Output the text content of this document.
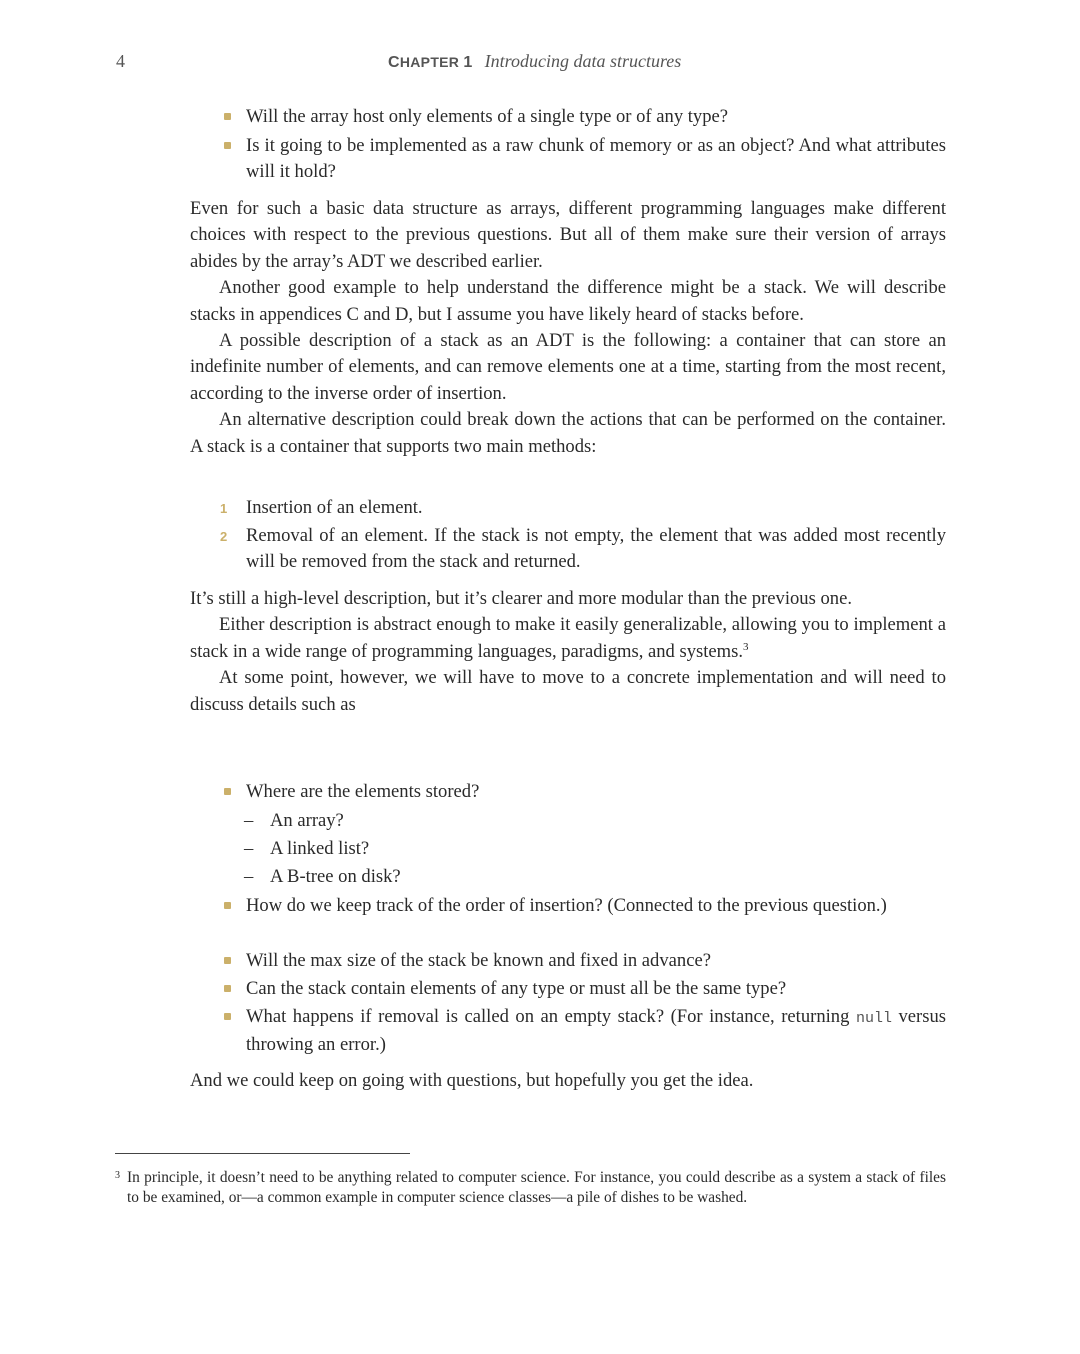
4	CHAPTER 1 Introducing data structures
Will the array host only elements of a single type or of any type?
Is it going to be implemented as a raw chunk of memory or as an object? And what attributes will it hold?

Even for such a basic data structure as arrays, different programming languages make different choices with respect to the previous questions. But all of them make sure their version of arrays abides by the array’s ADT we described earlier.

Another good example to help understand the difference might be a stack. We will describe stacks in appendices C and D, but I assume you have likely heard of stacks before.

A possible description of a stack as an ADT is the following: a container that can store an indefinite number of elements, and can remove elements one at a time, starting from the most recent, according to the inverse order of insertion.

An alternative description could break down the actions that can be performed on the container. A stack is a container that supports two main methods:

1 Insertion of an element.
2 Removal of an element. If the stack is not empty, the element that was added most recently will be removed from the stack and returned.

It’s still a high-level description, but it’s clearer and more modular than the previous one.

Either description is abstract enough to make it easily generalizable, allowing you to implement a stack in a wide range of programming languages, paradigms, and systems.$^3$

At some point, however, we will have to move to a concrete implementation and will need to discuss details such as

Where are the elements stored?
– An array?
– A linked list?
– A B-tree on disk?
How do we keep track of the order of insertion? (Connected to the previous question.)
Will the max size of the stack be known and fixed in advance?
Can the stack contain elements of any type or must all be the same type?
What happens if removal is called on an empty stack? (For instance, returning null versus throwing an error.)
And we could keep on going with questions, but hopefully you get the idea.
3 In principle, it doesn’t need to be anything related to computer science. For instance, you could describe as a system a stack of files to be examined, or—a common example in computer science classes—a pile of dishes to be washed.
